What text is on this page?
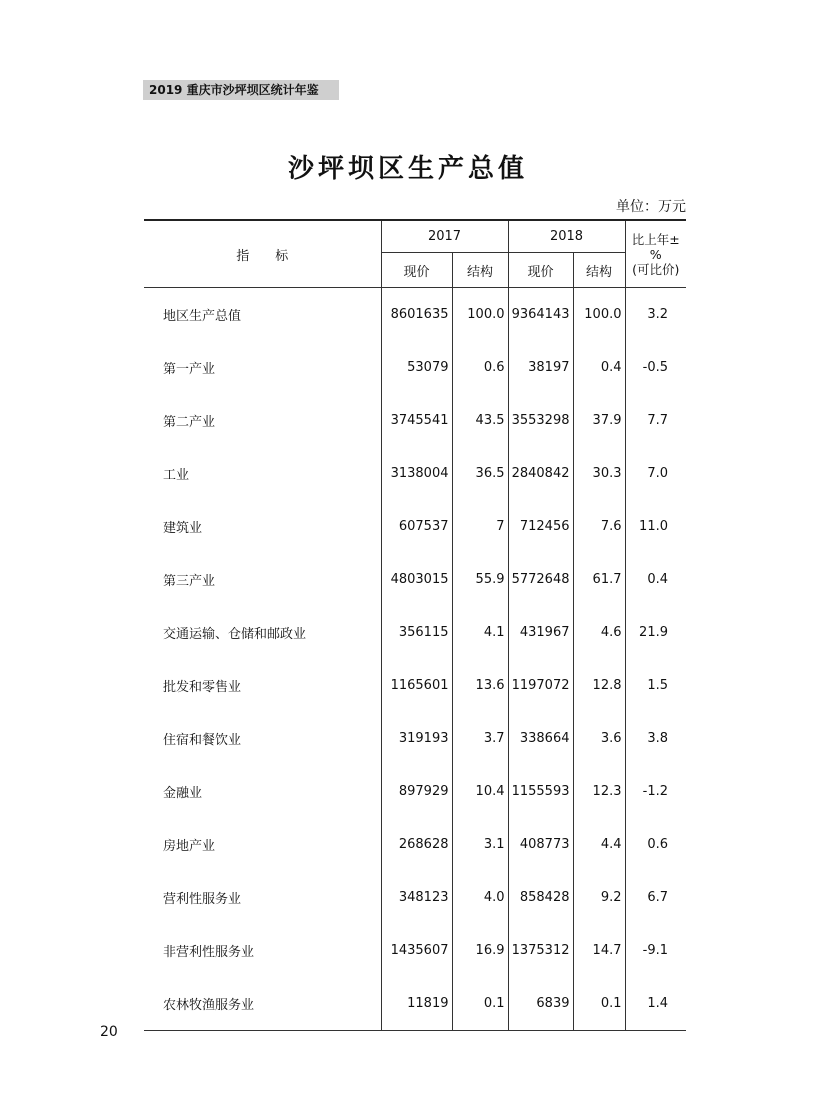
2019 重庆市沙坪坝区统计年鉴
沙坪坝区生产总值
单位：万元
指　　标	2017		2018		比上年±%
(可比价)
	现价	结构	现价	结构	
地区生产总值	8601635	100.0	9364143	100.0	3.2
第一产业	53079	0.6	38197	0.4	-0.5
第二产业	3745541	43.5	3553298	37.9	7.7
工业	3138004	36.5	2840842	30.3	7.0
建筑业	607537	7	712456	7.6	11.0
第三产业	4803015	55.9	5772648	61.7	0.4
交通运输、仓储和邮政业	356115	4.1	431967	4.6	21.9
批发和零售业	1165601	13.6	1197072	12.8	1.5
住宿和餐饮业	319193	3.7	338664	3.6	3.8
金融业	897929	10.4	1155593	12.3	-1.2
房地产业	268628	3.1	408773	4.4	0.6
营利性服务业	348123	4.0	858428	9.2	6.7
非营利性服务业	1435607	16.9	1375312	14.7	-9.1
农林牧渔服务业	11819	0.1	6839	0.1	1.4
20
